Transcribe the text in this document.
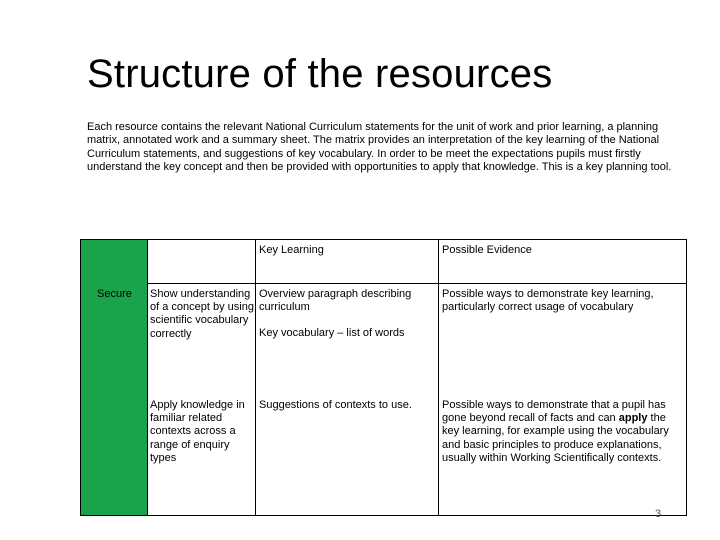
Structure of the resources

Each resource contains the relevant National Curriculum statements for the unit of work and prior learning, a planning matrix, annotated work and a summary sheet. The matrix provides an interpretation of the key learning of the National Curriculum statements, and suggestions of key vocabulary. In order to be meet the expectations pupils must firstly understand the key concept and then be provided with opportunities to apply that knowledge. This is a key planning tool.

Key Learning	Possible Evidence
Secure Show understanding of a concept by using scientific vocabulary correctly
Overview paragraph describing curriculum
Key vocabulary – list of words
Possible ways to demonstrate key learning, particularly correct usage of vocabulary
Apply knowledge in familiar related contexts across a range of enquiry types
Suggestions of contexts to use.	Possible ways to demonstrate that a pupil has gone beyond recall of facts and can apply the key learning, for example using the vocabulary and basic principles to produce explanations, usually within Working Scientifically contexts.
3
